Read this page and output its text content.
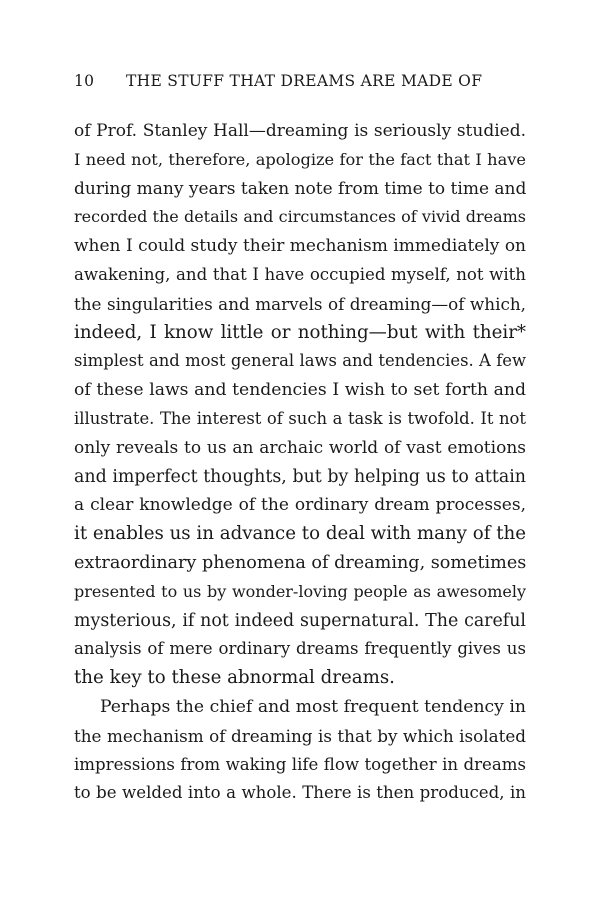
10 THE STUFF THAT DREAMS ARE MADE OF
of Prof. Stanley Hall—dreaming is seriously studied.
I need not, therefore, apologize for the fact that I have
during many years taken note from time to time and
recorded the details and circumstances of vivid dreams
when I could study their mechanism immediately on
awakening, and that I have occupied myself, not with
the singularities and marvels of dreaming—of which,
indeed, I know little or nothing—but with their*
simplest and most general laws and tendencies. A few
of these laws and tendencies I wish to set forth and
illustrate. The interest of such a task is twofold. It not
only reveals to us an archaic world of vast emotions
and imperfect thoughts, but by helping us to attain
a clear knowledge of the ordinary dream processes,
it enables us in advance to deal with many of the
extraordinary phenomena of dreaming, sometimes
presented to us by wonder-loving people as awesomely
mysterious, if not indeed supernatural. The careful
analysis of mere ordinary dreams frequently gives us
the key to these abnormal dreams.
Perhaps the chief and most frequent tendency in
the mechanism of dreaming is that by which isolated
impressions from waking life flow together in dreams
to be welded into a whole. There is then produced, in
